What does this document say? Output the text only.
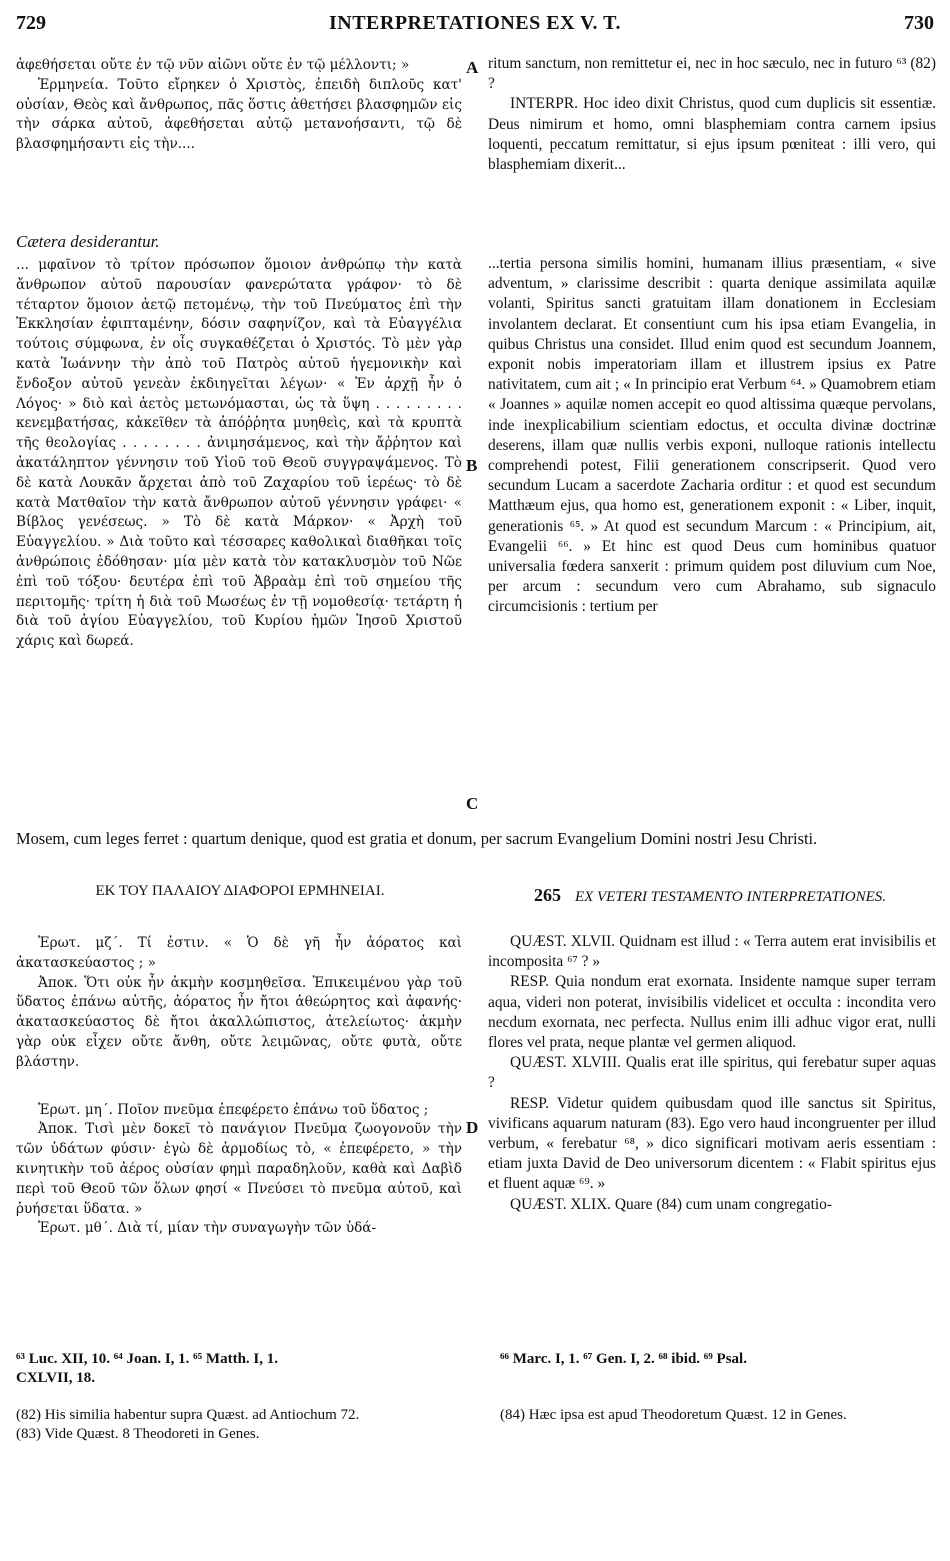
729	INTERPRETATIONES EX V. T.	730
A
B
C
D

ἀφεθήσεται οὔτε ἐν τῷ νῦν αἰῶνι οὔτε ἐν τῷ μέλλοντι; »

Ἑρμηνεία. Τοῦτο εἴρηκεν ὁ Χριστὸς, ἐπειδὴ διπλοῦς κατ' οὐσίαν, Θεὸς καὶ ἄνθρωπος, πᾶς ὅστις ἀθετήσει βλασφημῶν εἰς τὴν σάρκα αὐτοῦ, ἀφεθήσεται αὐτῷ μετανοήσαντι, τῷ δὲ βλασφημήσαντι εἰς τὴν....

ritum sanctum, non remittetur ei, nec in hoc sæculo, nec in futuro ⁶³ (82) ?

INTERPR. Hoc ideo dixit Christus, quod cum duplicis sit essentiæ. Deus nimirum et homo, omni blasphemiam contra carnem ipsius loquenti, peccatum remittatur, si ejus ipsum pœniteat : illi vero, qui blasphemiam dixerit...

Cætera desiderantur.

... μφαῖνον τὸ τρίτον πρόσωπον ὅμοιον ἀνθρώπῳ τὴν κατὰ ἄνθρωπον αὐτοῦ παρουσίαν φανερώτατα γράφον· τὸ δὲ τέταρτον ὅμοιον ἀετῷ πετομένῳ, τὴν τοῦ Πνεύματος ἐπὶ τὴν Ἐκκλησίαν ἐφιπταμένην, δόσιν σαφηνίζον, καὶ τὰ Εὐαγγέλια τούτοις σύμφωνα, ἐν οἷς συγκαθέζεται ὁ Χριστός. Τὸ μὲν γὰρ κατὰ Ἰωάννην τὴν ἀπὸ τοῦ Πατρὸς αὐτοῦ ἡγεμονικὴν καὶ ἔνδοξον αὐτοῦ γενεὰν ἐκδιηγεῖται λέγων· « Ἐν ἀρχῇ ἦν ὁ Λόγος· » διὸ καὶ ἀετὸς μετωνόμασται, ὡς τὰ ὕψη . . . . . . . . . κενεμβατήσας, κἀκεῖθεν τὰ ἀπόῤῥητα μυηθεὶς, καὶ τὰ κρυπτὰ τῆς θεολογίας . . . . . . . . ἀνιμησάμενος, καὶ τὴν ἄῤῥητον καὶ ἀκατάληπτον γέννησιν τοῦ Υἱοῦ τοῦ Θεοῦ συγγραψάμενος. Τὸ δὲ κατὰ Λουκᾶν ἄρχεται ἀπὸ τοῦ Ζαχαρίου τοῦ ἱερέως· τὸ δὲ κατὰ Ματθαῖον τὴν κατὰ ἄνθρωπον αὐτοῦ γέννησιν γράφει· « Βίβλος γενέσεως. » Τὸ δὲ κατὰ Μάρκον· « Ἀρχὴ τοῦ Εὐαγγελίου. » Διὰ τοῦτο καὶ τέσσαρες καθολικαὶ διαθῆκαι τοῖς ἀνθρώποις ἐδόθησαν· μία μὲν κατὰ τὸν κατακλυσμὸν τοῦ Νῶε ἐπὶ τοῦ τόξου· δευτέρα ἐπὶ τοῦ Ἀβραὰμ ἐπὶ τοῦ σημείου τῆς περιτομῆς· τρίτη ἡ διὰ τοῦ Μωσέως ἐν τῇ νομοθεσίᾳ· τετάρτη ἡ διὰ τοῦ ἁγίου Εὐαγγελίου, τοῦ Κυρίου ἡμῶν Ἰησοῦ Χριστοῦ χάρις καὶ δωρεά.

...tertia persona similis homini, humanam illius præsentiam, « sive adventum, » clarissime describit : quarta denique assimilata aquilæ volanti, Spiritus sancti gratuitam illam donationem in Ecclesiam involantem declarat. Et consentiunt cum his ipsa etiam Evangelia, in quibus Christus una considet. Illud enim quod est secundum Joannem, exponit nobis imperatoriam illam et illustrem ipsius ex Patre nativitatem, cum ait ; « In principio erat Verbum ⁶⁴. » Quamobrem etiam « Joannes » aquilæ nomen accepit eo quod altissima quæque pervolans, inde inexplicabilium scientiam edoctus, et occulta divinæ doctrinæ deserens, illam quæ nullis verbis exponi, nulloque rationis intellectu comprehendi potest, Filii generationem conscripserit. Quod vero secundum Lucam a sacerdote Zacharia orditur : et quod est secundum Matthæum ejus, qua homo est, generationem exponit : « Liber, inquit, generationis ⁶⁵. » At quod est secundum Marcum : « Principium, ait, Evangelii ⁶⁶. » Et hinc est quod Deus cum hominibus quatuor universalia fœdera sanxerit : primum quidem post diluvium cum Noe, per arcum : secundum vero cum Abrahamo, sub signaculo circumcisionis : tertium per

Mosem, cum leges ferret : quartum denique, quod est gratia et donum, per sacrum Evangelium Domini nostri Jesu Christi.
ΕΚ ΤΟΥ ΠΑΛΑΙΟΥ ΔΙΑΦΟΡΟΙ ΕΡΜΗΝΕΙΑΙ.	265 EX VETERI TESTAMENTO INTERPRETATIONES.

Ἐρωτ. μζ΄. Τί ἐστιν. « Ὁ δὲ γῆ ἦν ἀόρατος καὶ ἀκατασκεύαστος ; »

Ἀποκ. Ὅτι οὐκ ἦν ἀκμὴν κοσμηθεῖσα. Ἐπικειμένου γὰρ τοῦ ὕδατος ἐπάνω αὐτῆς, ἀόρατος ἦν ἤτοι ἀθεώρητος καὶ ἀφανής· ἀκατασκεύαστος δὲ ἤτοι ἀκαλλώπιστος, ἀτελείωτος· ἀκμὴν γὰρ οὐκ εἶχεν οὔτε ἄνθη, οὔτε λειμῶνας, οὔτε φυτὰ, οὔτε βλάστην.

Ἐρωτ. μη΄. Ποῖον πνεῦμα ἐπεφέρετο ἐπάνω τοῦ ὕδατος ;

Ἀποκ. Τισὶ μὲν δοκεῖ τὸ πανάγιον Πνεῦμα ζωογονοῦν τὴν τῶν ὑδάτων φύσιν· ἐγὼ δὲ ἁρμοδίως τὸ, « ἐπεφέρετο, » τὴν κινητικὴν τοῦ ἀέρος οὐσίαν φημὶ παραδηλοῦν, καθὰ καὶ Δαβὶδ περὶ τοῦ Θεοῦ τῶν ὅλων φησί « Πνεύσει τὸ πνεῦμα αὐτοῦ, καὶ ῥυήσεται ὕδατα. »

Ἐρωτ. μθ΄. Διὰ τί, μίαν τὴν συναγωγὴν τῶν ὑδά-

QUÆST. XLVII. Quidnam est illud : « Terra autem erat invisibilis et incomposita ⁶⁷ ? »

RESP. Quia nondum erat exornata. Insidente namque super terram aqua, videri non poterat, invisibilis videlicet et occulta : incondita vero necdum exornata, nec perfecta. Nullus enim illi adhuc vigor erat, nulli flores vel prata, neque plantæ vel germen aliquod.

QUÆST. XLVIII. Qualis erat ille spiritus, qui ferebatur super aquas ?

RESP. Videtur quidem quibusdam quod ille sanctus sit Spiritus, vivificans aquarum naturam (83). Ego vero haud incongruenter per illud verbum, « ferebatur ⁶⁸, » dico significari motivam aeris essentiam : etiam juxta David de Deo universorum dicentem : « Flabit spiritus ejus et fluent aquæ ⁶⁹. »

QUÆST. XLIX. Quare (84) cum unam congregatio-

⁶³ Luc. XII, 10. ⁶⁴ Joan. I, 1. ⁶⁵ Matth. I, 1.
CXLVII, 18.
⁶⁶ Marc. I, 1. ⁶⁷ Gen. I, 2. ⁶⁸ ibid. ⁶⁹ Psal.
(82) His similia habentur supra Quæst. ad Antiochum 72.
(83) Vide Quæst. 8 Theodoreti in Genes.
(84) Hæc ipsa est apud Theodoretum Quæst. 12 in Genes.
